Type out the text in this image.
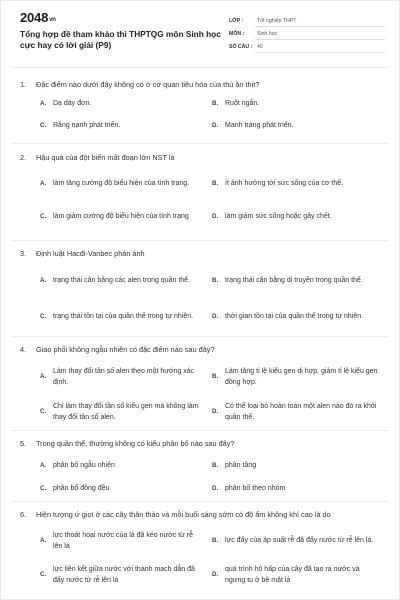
2048vn
Tổng hợp đề tham khảo thi THPTQG môn Sinh học cực hay có lời giải (P9)
LỚP :	Tốt nghiệp THPT
MÔN : Sinh học
SỐ CÂU : 40
1.	Đặc điểm nào dưới đây không có ở cơ quan tiêu hóa của thú ăn thịt?
A. Dạ dày đơn.	B. Ruột ngắn.
C. Răng nanh phát triển.	D. Manh tràng phát triển.
2.	Hậu quả của đột biến mất đoạn lớn NST là
A. làm tăng cường độ biểu hiện của tính trạng.	B. ít ảnh hưởng tới sức sống của cơ thể.
C. làm giảm cường độ biểu hiện của tính trạng	D. làm giảm sức sống hoặc gây chết.
3.	Định luật Hacđi-Vanbec phản ánh
A. trạng thái cân bằng các alen trong quần thể.	B. trạng thái cân bằng di truyền trong quần thể.
C. trạng thái tồn tại của quần thể trong tự nhiên.	D. thời gian tồn tại của quần thể trong tự nhiên.
4.	Giao phối không ngẫu nhiên có đặc điểm nào sau đây?
A.
Làm thay đổi tần số alen theo một hướng xác định.
B.
Làm tăng tỉ lệ kiểu gen dị hợp, giảm tỉ lệ kiểu gen đồng hợp.
C.
Chỉ làm thay đổi tần số kiểu gen mà không làm thay đổi tần số alen.
D.
Có thể loại bỏ hoàn toàn một alen nào đó ra khỏi quần thể.
5.	Trong quần thể, thường không có kiểu phân bố nào sau đây?
A. phân bố ngẫu nhiên	B. phân tầng
C. phân bố đồng đều	D. phân bố theo nhóm
6.	Hiện tượng ứ giọt ở các cây thân thảo và mỗi buổi sáng sớm có độ ẩm không khí cao là do
A.
lực thoát hoại nước của lá đã kéo nước từ rễ lên lá
B. lực đẩy của áp suất rễ đã đẩy nước từ rễ lên lá.
C.
lực liên kết giữa nước với thành mạch dẫn đã đẩy nước từ rễ lên lá
D.
quá trình hô hấp của cây đã tạo ra nước và ngưng tụ ở bề mặt lá
